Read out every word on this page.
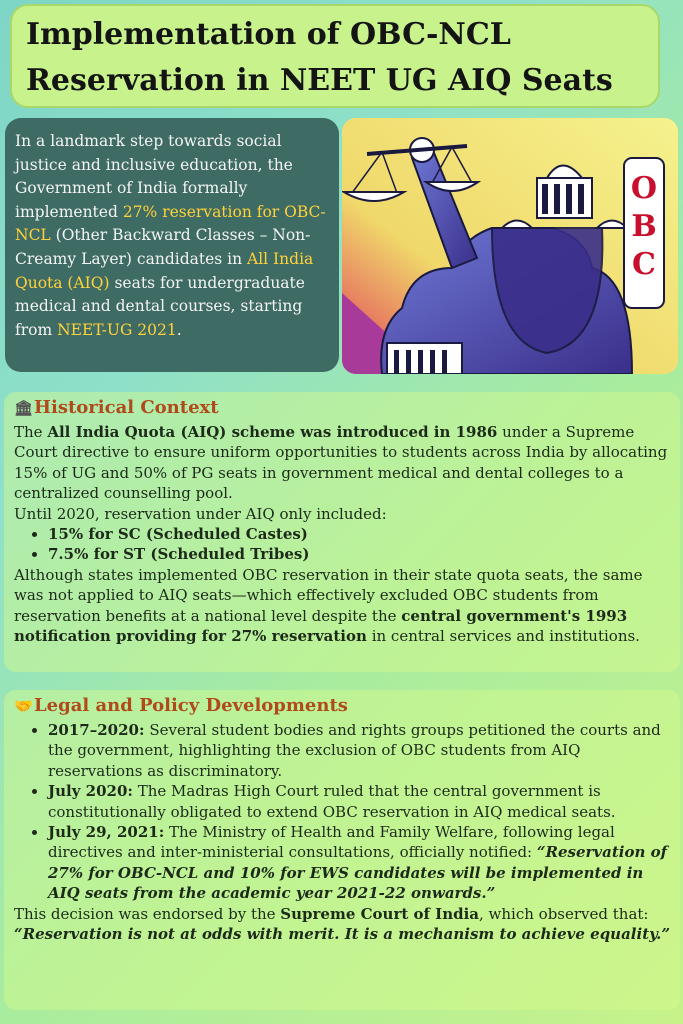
Implementation of OBC-NCL
Reservation in NEET UG AIQ Seats
In a landmark step towards social justice and inclusive education, the Government of India formally implemented 27% reservation for OBC-NCL (Other Backward Classes – Non-Creamy Layer) candidates in All India Quota (AIQ) seats for undergraduate medical and dental courses, starting from NEET-UG 2021.
O
B
C
🏛 Historical Context

The All India Quota (AIQ) scheme was introduced in 1986 under a Supreme Court directive to ensure uniform opportunities to students across India by allocating 15% of UG and 50% of PG seats in government medical and dental colleges to a centralized counselling pool.

Until 2020, reservation under AIQ only included:

• 15% for SC (Scheduled Castes)
• 7.5% for ST (Scheduled Tribes)

Although states implemented OBC reservation in their state quota seats, the same was not applied to AIQ seats—which effectively excluded OBC students from reservation benefits at a national level despite the central government's 1993 notification providing for 27% reservation in central services and institutions.

🤝 Legal and Policy Developments
• 2017–2020: Several student bodies and rights groups petitioned the courts and the government, highlighting the exclusion of OBC students from AIQ reservations as discriminatory.
• July 2020: The Madras High Court ruled that the central government is constitutionally obligated to extend OBC reservation in AIQ medical seats.
• July 29, 2021: The Ministry of Health and Family Welfare, following legal directives and inter-ministerial consultations, officially notified: “Reservation of 27% for OBC-NCL and 10% for EWS candidates will be implemented in AIQ seats from the academic year 2021-22 onwards.”

This decision was endorsed by the Supreme Court of India, which observed that:

“Reservation is not at odds with merit. It is a mechanism to achieve equality.”
